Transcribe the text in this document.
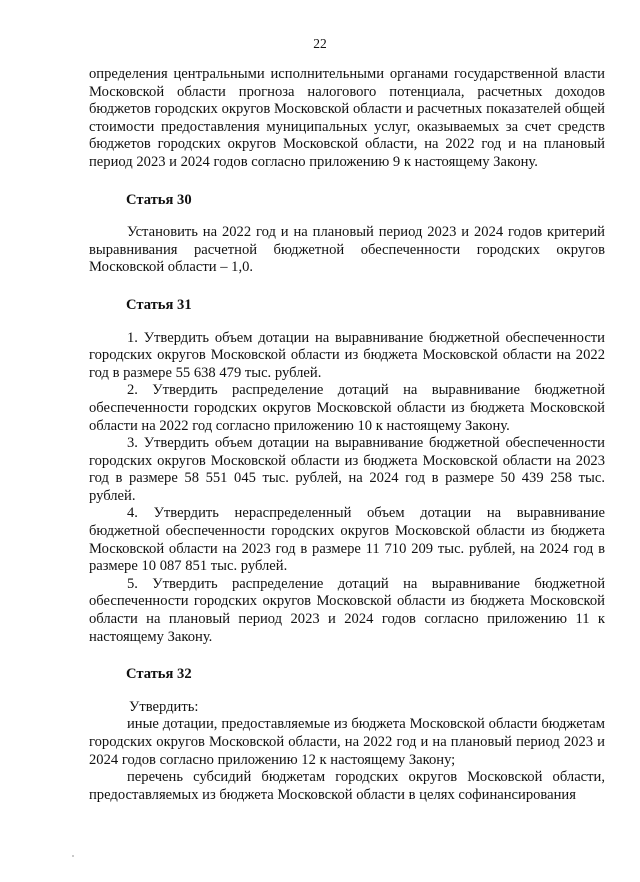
22

определения центральными исполнительными органами государственной власти Московской области прогноза налогового потенциала, расчетных доходов бюджетов городских округов Московской области и расчетных показателей общей стоимости предоставления муниципальных услуг, оказываемых за счет средств бюджетов городских округов Московской области, на 2022 год и на плановый период 2023 и 2024 годов согласно приложению 9 к настоящему Закону.

Статья 30

Установить на 2022 год и на плановый период 2023 и 2024 годов критерий выравнивания расчетной бюджетной обеспеченности городских округов Московской области – 1,0.

Статья 31

1. Утвердить объем дотации на выравнивание бюджетной обеспеченности городских округов Московской области из бюджета Московской области на 2022 год в размере 55 638 479 тыс. рублей.

2. Утвердить распределение дотаций на выравнивание бюджетной обеспеченности городских округов Московской области из бюджета Московской области на 2022 год согласно приложению 10 к настоящему Закону.

3. Утвердить объем дотации на выравнивание бюджетной обеспеченности городских округов Московской области из бюджета Московской области на 2023 год в размере 58 551 045 тыс. рублей, на 2024 год в размере 50 439 258 тыс. рублей.

4. Утвердить нераспределенный объем дотации на выравнивание бюджетной обеспеченности городских округов Московской области из бюджета Московской области на 2023 год в размере 11 710 209 тыс. рублей, на 2024 год в размере 10 087 851 тыс. рублей.

5. Утвердить распределение дотаций на выравнивание бюджетной обеспеченности городских округов Московской области из бюджета Московской области на плановый период 2023 и 2024 годов согласно приложению 11 к настоящему Закону.

Статья 32

Утвердить:

иные дотации, предоставляемые из бюджета Московской области бюджетам городских округов Московской области, на 2022 год и на плановый период 2023 и 2024 годов согласно приложению 12 к настоящему Закону;

перечень субсидий бюджетам городских округов Московской области, предоставляемых из бюджета Московской области в целях софинансирования
